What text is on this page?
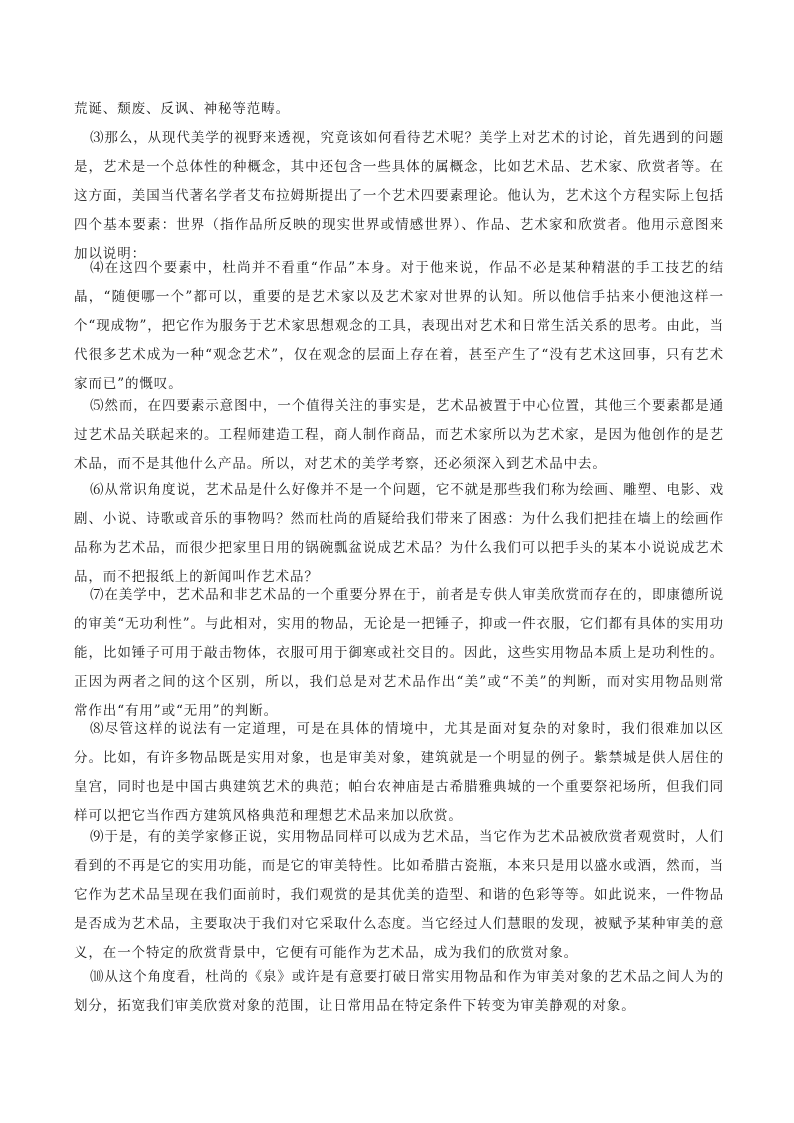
荒诞、颓废、反讽、神秘等范畴。

⑶那么，从现代美学的视野来透视，究竟该如何看待艺术呢？美学上对艺术的讨论，首先遇到的问题是，艺术是一个总体性的种概念，其中还包含一些具体的属概念，比如艺术品、艺术家、欣赏者等。在这方面，美国当代著名学者艾布拉姆斯提出了一个艺术四要素理论。他认为，艺术这个方程实际上包括四个基本要素：世界（指作品所反映的现实世界或情感世界）、作品、艺术家和欣赏者。他用示意图来加以说明：

⑷在这四个要素中，杜尚并不看重“作品”本身。对于他来说，作品不必是某种精湛的手工技艺的结晶，“随便哪一个”都可以，重要的是艺术家以及艺术家对世界的认知。所以他信手拈来小便池这样一个“现成物”，把它作为服务于艺术家思想观念的工具，表现出对艺术和日常生活关系的思考。由此，当代很多艺术成为一种“观念艺术”，仅在观念的层面上存在着，甚至产生了“没有艺术这回事，只有艺术家而已”的慨叹。

⑸然而，在四要素示意图中，一个值得关注的事实是，艺术品被置于中心位置，其他三个要素都是通过艺术品关联起来的。工程师建造工程，商人制作商品，而艺术家所以为艺术家，是因为他创作的是艺术品，而不是其他什么产品。所以，对艺术的美学考察，还必须深入到艺术品中去。

⑹从常识角度说，艺术品是什么好像并不是一个问题，它不就是那些我们称为绘画、雕塑、电影、戏剧、小说、诗歌或音乐的事物吗？然而杜尚的盾疑给我们带来了困惑：为什么我们把挂在墙上的绘画作品称为艺术品，而很少把家里日用的锅碗瓢盆说成艺术品？为什么我们可以把手头的某本小说说成艺术品，而不把报纸上的新闻叫作艺术品？

⑺在美学中，艺术品和非艺术品的一个重要分界在于，前者是专供人审美欣赏而存在的，即康德所说的审美“无功利性”。与此相对，实用的物品，无论是一把锤子，抑或一件衣服，它们都有具体的实用功能，比如锤子可用于敲击物体，衣服可用于御寒或社交目的。因此，这些实用物品本质上是功利性的。正因为两者之间的这个区别，所以，我们总是对艺术品作出“美”或“不美”的判断，而对实用物品则常常作出“有用”或“无用”的判断。

⑻尽管这样的说法有一定道理，可是在具体的情境中，尤其是面对复杂的对象时，我们很难加以区分。比如，有许多物品既是实用对象，也是审美对象，建筑就是一个明显的例子。紫禁城是供人居住的皇宫，同时也是中国古典建筑艺术的典范；帕台农神庙是古希腊雅典城的一个重要祭祀场所，但我们同样可以把它当作西方建筑风格典范和理想艺术品来加以欣赏。

⑼于是，有的美学家修正说，实用物品同样可以成为艺术品，当它作为艺术品被欣赏者观赏时，人们看到的不再是它的实用功能，而是它的审美特性。比如希腊古瓷瓶，本来只是用以盛水或酒，然而，当它作为艺术品呈现在我们面前时，我们观赏的是其优美的造型、和谐的色彩等等。如此说来，一件物品是否成为艺术品，主要取决于我们对它采取什么态度。当它经过人们慧眼的发现，被赋予某种审美的意义，在一个特定的欣赏背景中，它便有可能作为艺术品，成为我们的欣赏对象。

⑽从这个角度看，杜尚的《泉》或许是有意要打破日常实用物品和作为审美对象的艺术品之间人为的划分，拓宽我们审美欣赏对象的范围，让日常用品在特定条件下转变为审美静观的对象。
